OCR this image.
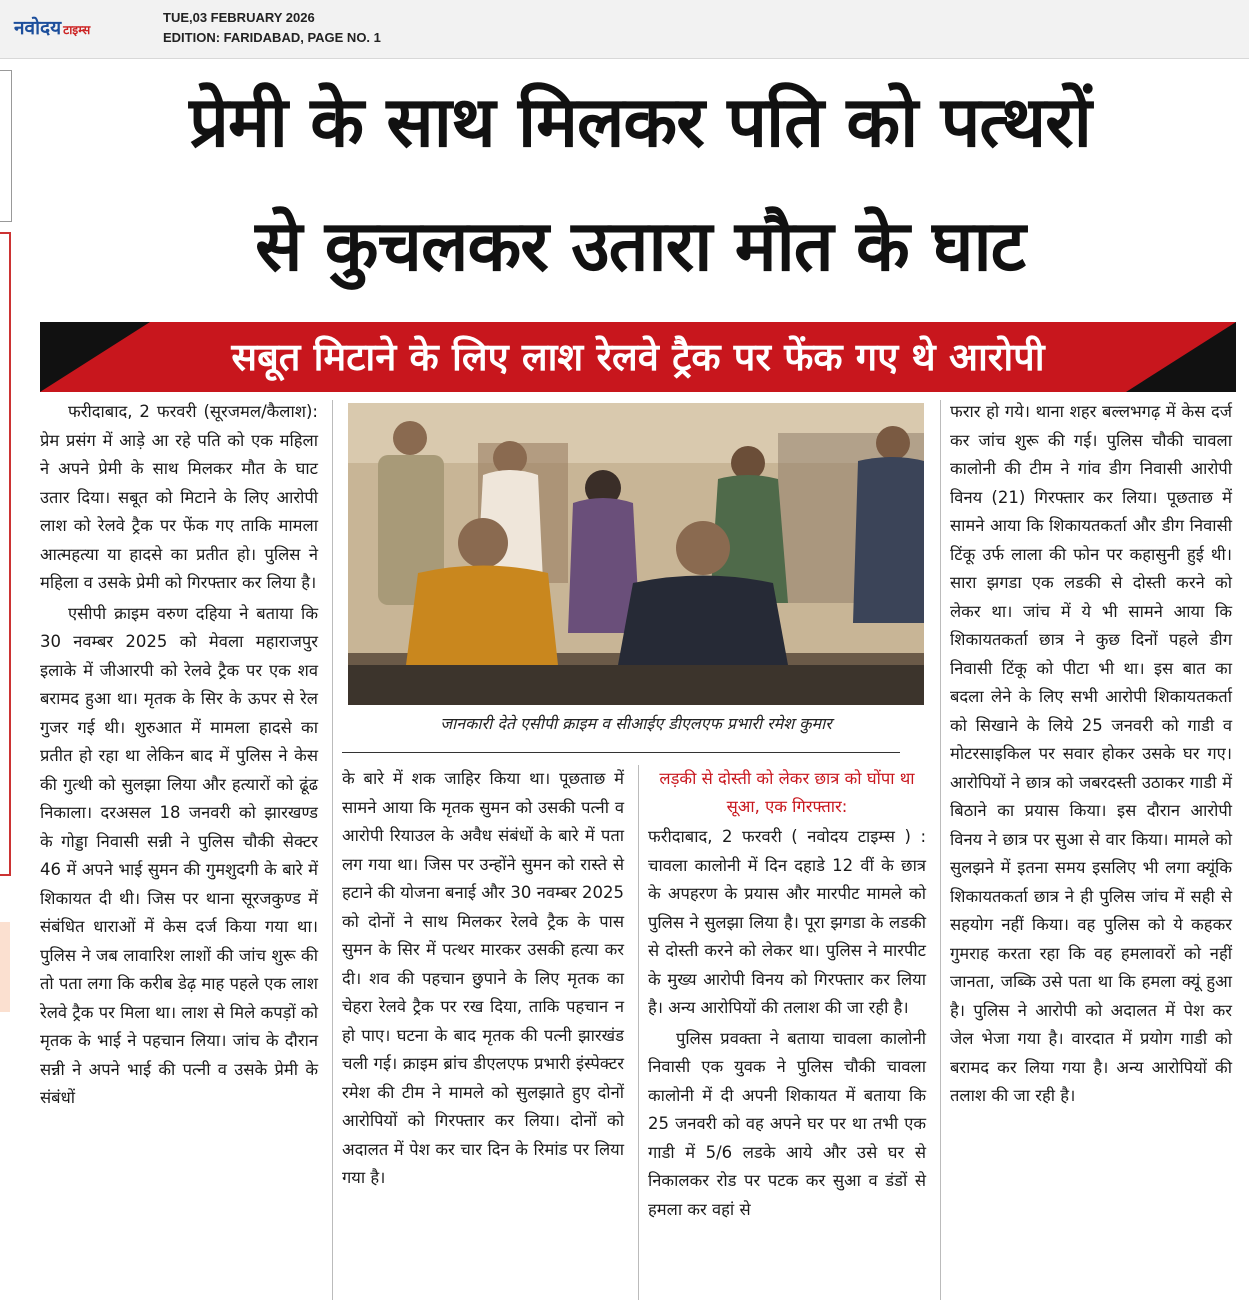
नवोदय टाइम्स
TUE,03 FEBRUARY 2026
EDITION: FARIDABAD, PAGE NO. 1
प्रेमी के साथ मिलकर पति को पत्थरों
से कुचलकर उतारा मौत के घाट
सबूत मिटाने के लिए लाश रेलवे ट्रैक पर फेंक गए थे आरोपी

फरीदाबाद, 2 फरवरी (सूरजमल/कैलाश): प्रेम प्रसंग में आड़े आ रहे पति को एक महिला ने अपने प्रेमी के साथ मिलकर मौत के घाट उतार दिया। सबूत को मिटाने के लिए आरोपी लाश को रेलवे ट्रैक पर फेंक गए ताकि मामला आत्महत्या या हादसे का प्रतीत हो। पुलिस ने महिला व उसके प्रेमी को गिरफ्तार कर लिया है।

एसीपी क्राइम वरुण दहिया ने बताया कि 30 नवम्बर 2025 को मेवला महाराजपुर इलाके में जीआरपी को रेलवे ट्रैक पर एक शव बरामद हुआ था। मृतक के सिर के ऊपर से रेल गुजर गई थी। शुरुआत में मामला हादसे का प्रतीत हो रहा था लेकिन बाद में पुलिस ने केस की गुत्थी को सुलझा लिया और हत्यारों को ढूंढ निकाला। दरअसल 18 जनवरी को झारखण्ड के गोड्डा निवासी सन्नी ने पुलिस चौकी सेक्टर 46 में अपने भाई सुमन की गुमशुदगी के बारे में शिकायत दी थी। जिस पर थाना सूरजकुण्ड में संबंधित धाराओं में केस दर्ज किया गया था। पुलिस ने जब लावारिश लाशों की जांच शुरू की तो पता लगा कि करीब डेढ़ माह पहले एक लाश रेलवे ट्रैक पर मिला था। लाश से मिले कपड़ों को मृतक के भाई ने पहचान लिया। जांच के दौरान सन्नी ने अपने भाई की पत्नी व उसके प्रेमी के संबंधों

जानकारी देते एसीपी क्राइम व सीआईए डीएलएफ प्रभारी रमेश कुमार

के बारे में शक जाहिर किया था। पूछताछ में सामने आया कि मृतक सुमन को उसकी पत्नी व आरोपी रियाउल के अवैध संबंधों के बारे में पता लग गया था। जिस पर उन्होंने सुमन को रास्ते से हटाने की योजना बनाई और 30 नवम्बर 2025 को दोनों ने साथ मिलकर रेलवे ट्रैक के पास सुमन के सिर में पत्थर मारकर उसकी हत्या कर दी। शव की पहचान छुपाने के लिए मृतक का चेहरा रेलवे ट्रैक पर रख दिया, ताकि पहचान न हो पाए। घटना के बाद मृतक की पत्नी झारखंड चली गई। क्राइम ब्रांच डीएलएफ प्रभारी इंस्पेक्टर रमेश की टीम ने मामले को सुलझाते हुए दोनों आरोपियों को गिरफ्तार कर लिया। दोनों को अदालत में पेश कर चार दिन के रिमांड पर लिया गया है।

लड़की से दोस्ती को लेकर छात्र को घोंपा था सूआ, एक गिरफ्तार:

फरीदाबाद, 2 फरवरी ( नवोदय टाइम्स ) : चावला कालोनी में दिन दहाडे 12 वीं के छात्र के अपहरण के प्रयास और मारपीट मामले को पुलिस ने सुलझा लिया है। पूरा झगडा के लडकी से दोस्ती करने को लेकर था। पुलिस ने मारपीट के मुख्य आरोपी विनय को गिरफ्तार कर लिया है। अन्य आरोपियों की तलाश की जा रही है।

पुलिस प्रवक्ता ने बताया चावला कालोनी निवासी एक युवक ने पुलिस चौकी चावला कालोनी में दी अपनी शिकायत में बताया कि 25 जनवरी को वह अपने घर पर था तभी एक गाडी में 5/6 लडके आये और उसे घर से निकालकर रोड पर पटक कर सुआ व डंडों से हमला कर वहां से

फरार हो गये। थाना शहर बल्लभगढ़ में केस दर्ज कर जांच शुरू की गई। पुलिस चौकी चावला कालोनी की टीम ने गांव डीग निवासी आरोपी विनय (21) गिरफ्तार कर लिया। पूछताछ में सामने आया कि शिकायतकर्ता और डीग निवासी टिंकू उर्फ लाला की फोन पर कहासुनी हुई थी। सारा झगडा एक लडकी से दोस्ती करने को लेकर था। जांच में ये भी सामने आया कि शिकायतकर्ता छात्र ने कुछ दिनों पहले डीग निवासी टिंकू को पीटा भी था। इस बात का बदला लेने के लिए सभी आरोपी शिकायतकर्ता को सिखाने के लिये 25 जनवरी को गाडी व मोटरसाइकिल पर सवार होकर उसके घर गए। आरोपियों ने छात्र को जबरदस्ती उठाकर गाडी में बिठाने का प्रयास किया। इस दौरान आरोपी विनय ने छात्र पर सुआ से वार किया। मामले को सुलझने में इतना समय इसलिए भी लगा क्यूंकि शिकायतकर्ता छात्र ने ही पुलिस जांच में सही से सहयोग नहीं किया। वह पुलिस को ये कहकर गुमराह करता रहा कि वह हमलावरों को नहीं जानता, जब्कि उसे पता था कि हमला क्यूं हुआ है। पुलिस ने आरोपी को अदालत में पेश कर जेल भेजा गया है। वारदात में प्रयोग गाडी को बरामद कर लिया गया है। अन्य आरोपियों की तलाश की जा रही है।
